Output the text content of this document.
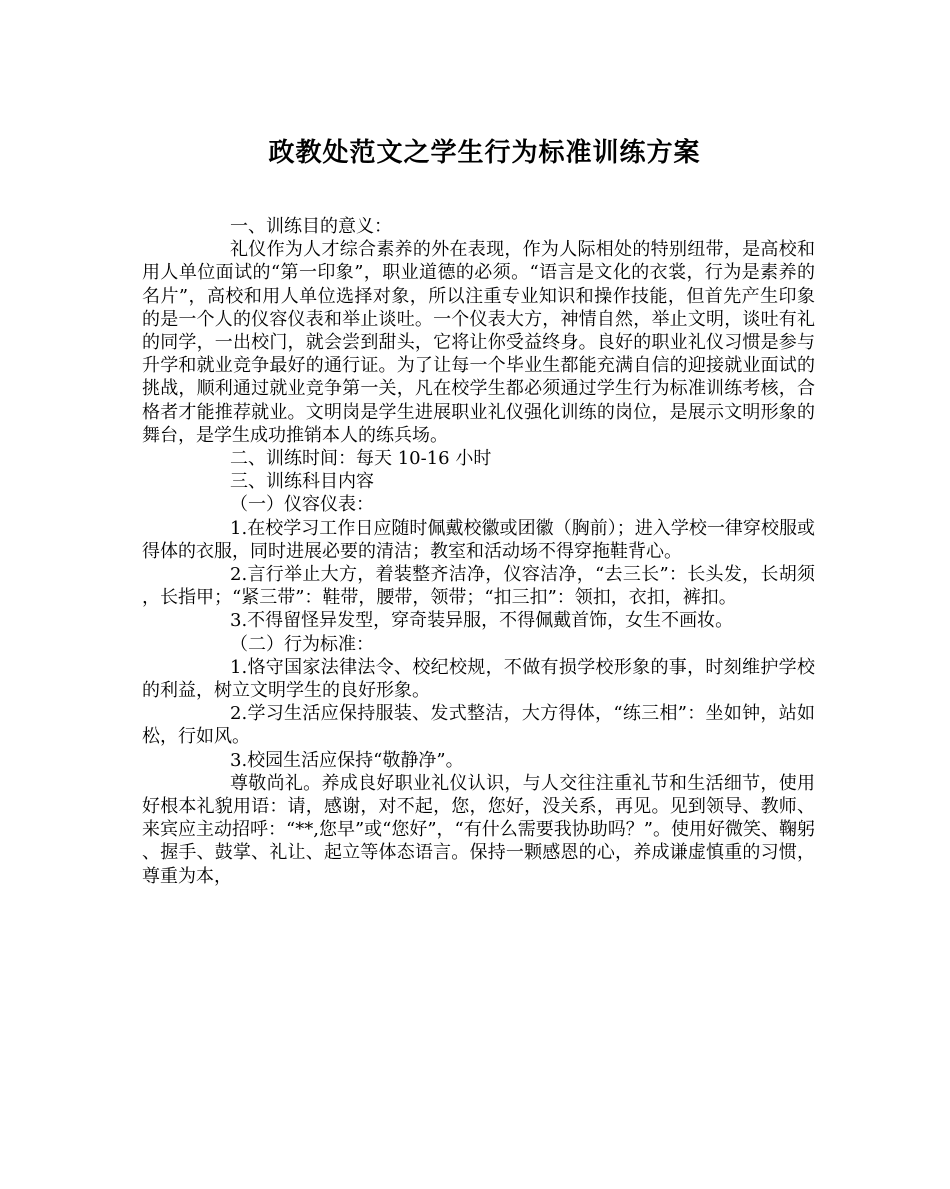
政教处范文之学生行为标准训练方案

一、训练目的意义：

礼仪作为人才综合素养的外在表现，作为人际相处的特别纽带，是高校和用人单位面试的“第一印象”，职业道德的必须。“语言是文化的衣裳，行为是素养的名片”，高校和用人单位选择对象，所以注重专业知识和操作技能，但首先产生印象的是一个人的仪容仪表和举止谈吐。一个仪表大方，神情自然，举止文明，谈吐有礼的同学，一出校门，就会尝到甜头，它将让你受益终身。良好的职业礼仪习惯是参与升学和就业竞争最好的通行证。为了让每一个毕业生都能充满自信的迎接就业面试的挑战，顺利通过就业竞争第一关，凡在校学生都必须通过学生行为标准训练考核，合格者才能推荐就业。文明岗是学生进展职业礼仪强化训练的岗位，是展示文明形象的舞台，是学生成功推销本人的练兵场。

二、训练时间：每天 10-16 小时

三、训练科目内容

（一）仪容仪表：

1.在校学习工作日应随时佩戴校徽或团徽（胸前）；进入学校一律穿校服或得体的衣服，同时进展必要的清洁；教室和活动场不得穿拖鞋背心。

2.言行举止大方，着装整齐洁净，仪容洁净，“去三长”：长头发，长胡须，长指甲；“紧三带”：鞋带，腰带，领带；“扣三扣”：领扣，衣扣，裤扣。

3.不得留怪异发型，穿奇装异服，不得佩戴首饰，女生不画妆。

（二）行为标准：

1.恪守国家法律法令、校纪校规，不做有损学校形象的事，时刻维护学校的利益，树立文明学生的良好形象。

2.学习生活应保持服装、发式整洁，大方得体，“练三相”：坐如钟，站如松，行如风。

3.校园生活应保持“敬静净”。

尊敬尚礼。养成良好职业礼仪认识，与人交往注重礼节和生活细节，使用好根本礼貌用语：请，感谢，对不起，您，您好，没关系，再见。见到领导、教师、来宾应主动招呼：“**,您早”或“您好”，“有什么需要我协助吗？”。使用好微笑、鞠躬、握手、鼓掌、礼让、起立等体态语言。保持一颗感恩的心，养成谦虚慎重的习惯，尊重为本，
